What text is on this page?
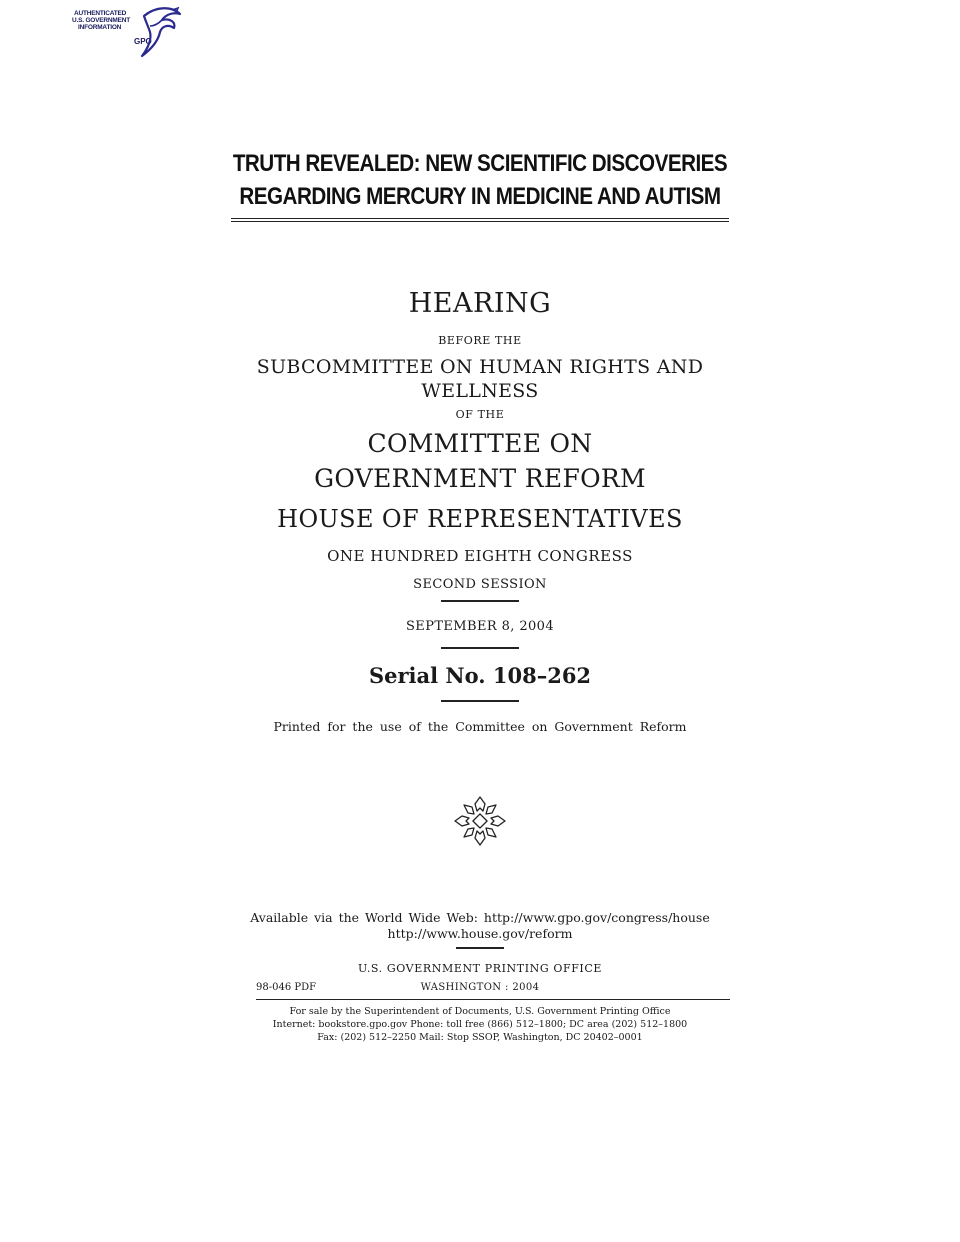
AUTHENTICATED
U.S. GOVERNMENT
INFORMATION
GPO
TRUTH REVEALED: NEW SCIENTIFIC DISCOVERIES
REGARDING MERCURY IN MEDICINE AND AUTISM
HEARING
BEFORE THE
SUBCOMMITTEE ON HUMAN RIGHTS AND
WELLNESS
OF THE
COMMITTEE ON
GOVERNMENT REFORM
HOUSE OF REPRESENTATIVES
ONE HUNDRED EIGHTH CONGRESS
SECOND SESSION
SEPTEMBER 8, 2004
Serial No. 108–262
Printed for the use of the Committee on Government Reform
Available via the World Wide Web: http://www.gpo.gov/congress/house
http://www.house.gov/reform
U.S. GOVERNMENT PRINTING OFFICE
98-046 PDF	WASHINGTON : 2004
For sale by the Superintendent of Documents, U.S. Government Printing Office
Internet: bookstore.gpo.gov Phone: toll free (866) 512–1800; DC area (202) 512–1800
Fax: (202) 512–2250 Mail: Stop SSOP, Washington, DC 20402–0001
